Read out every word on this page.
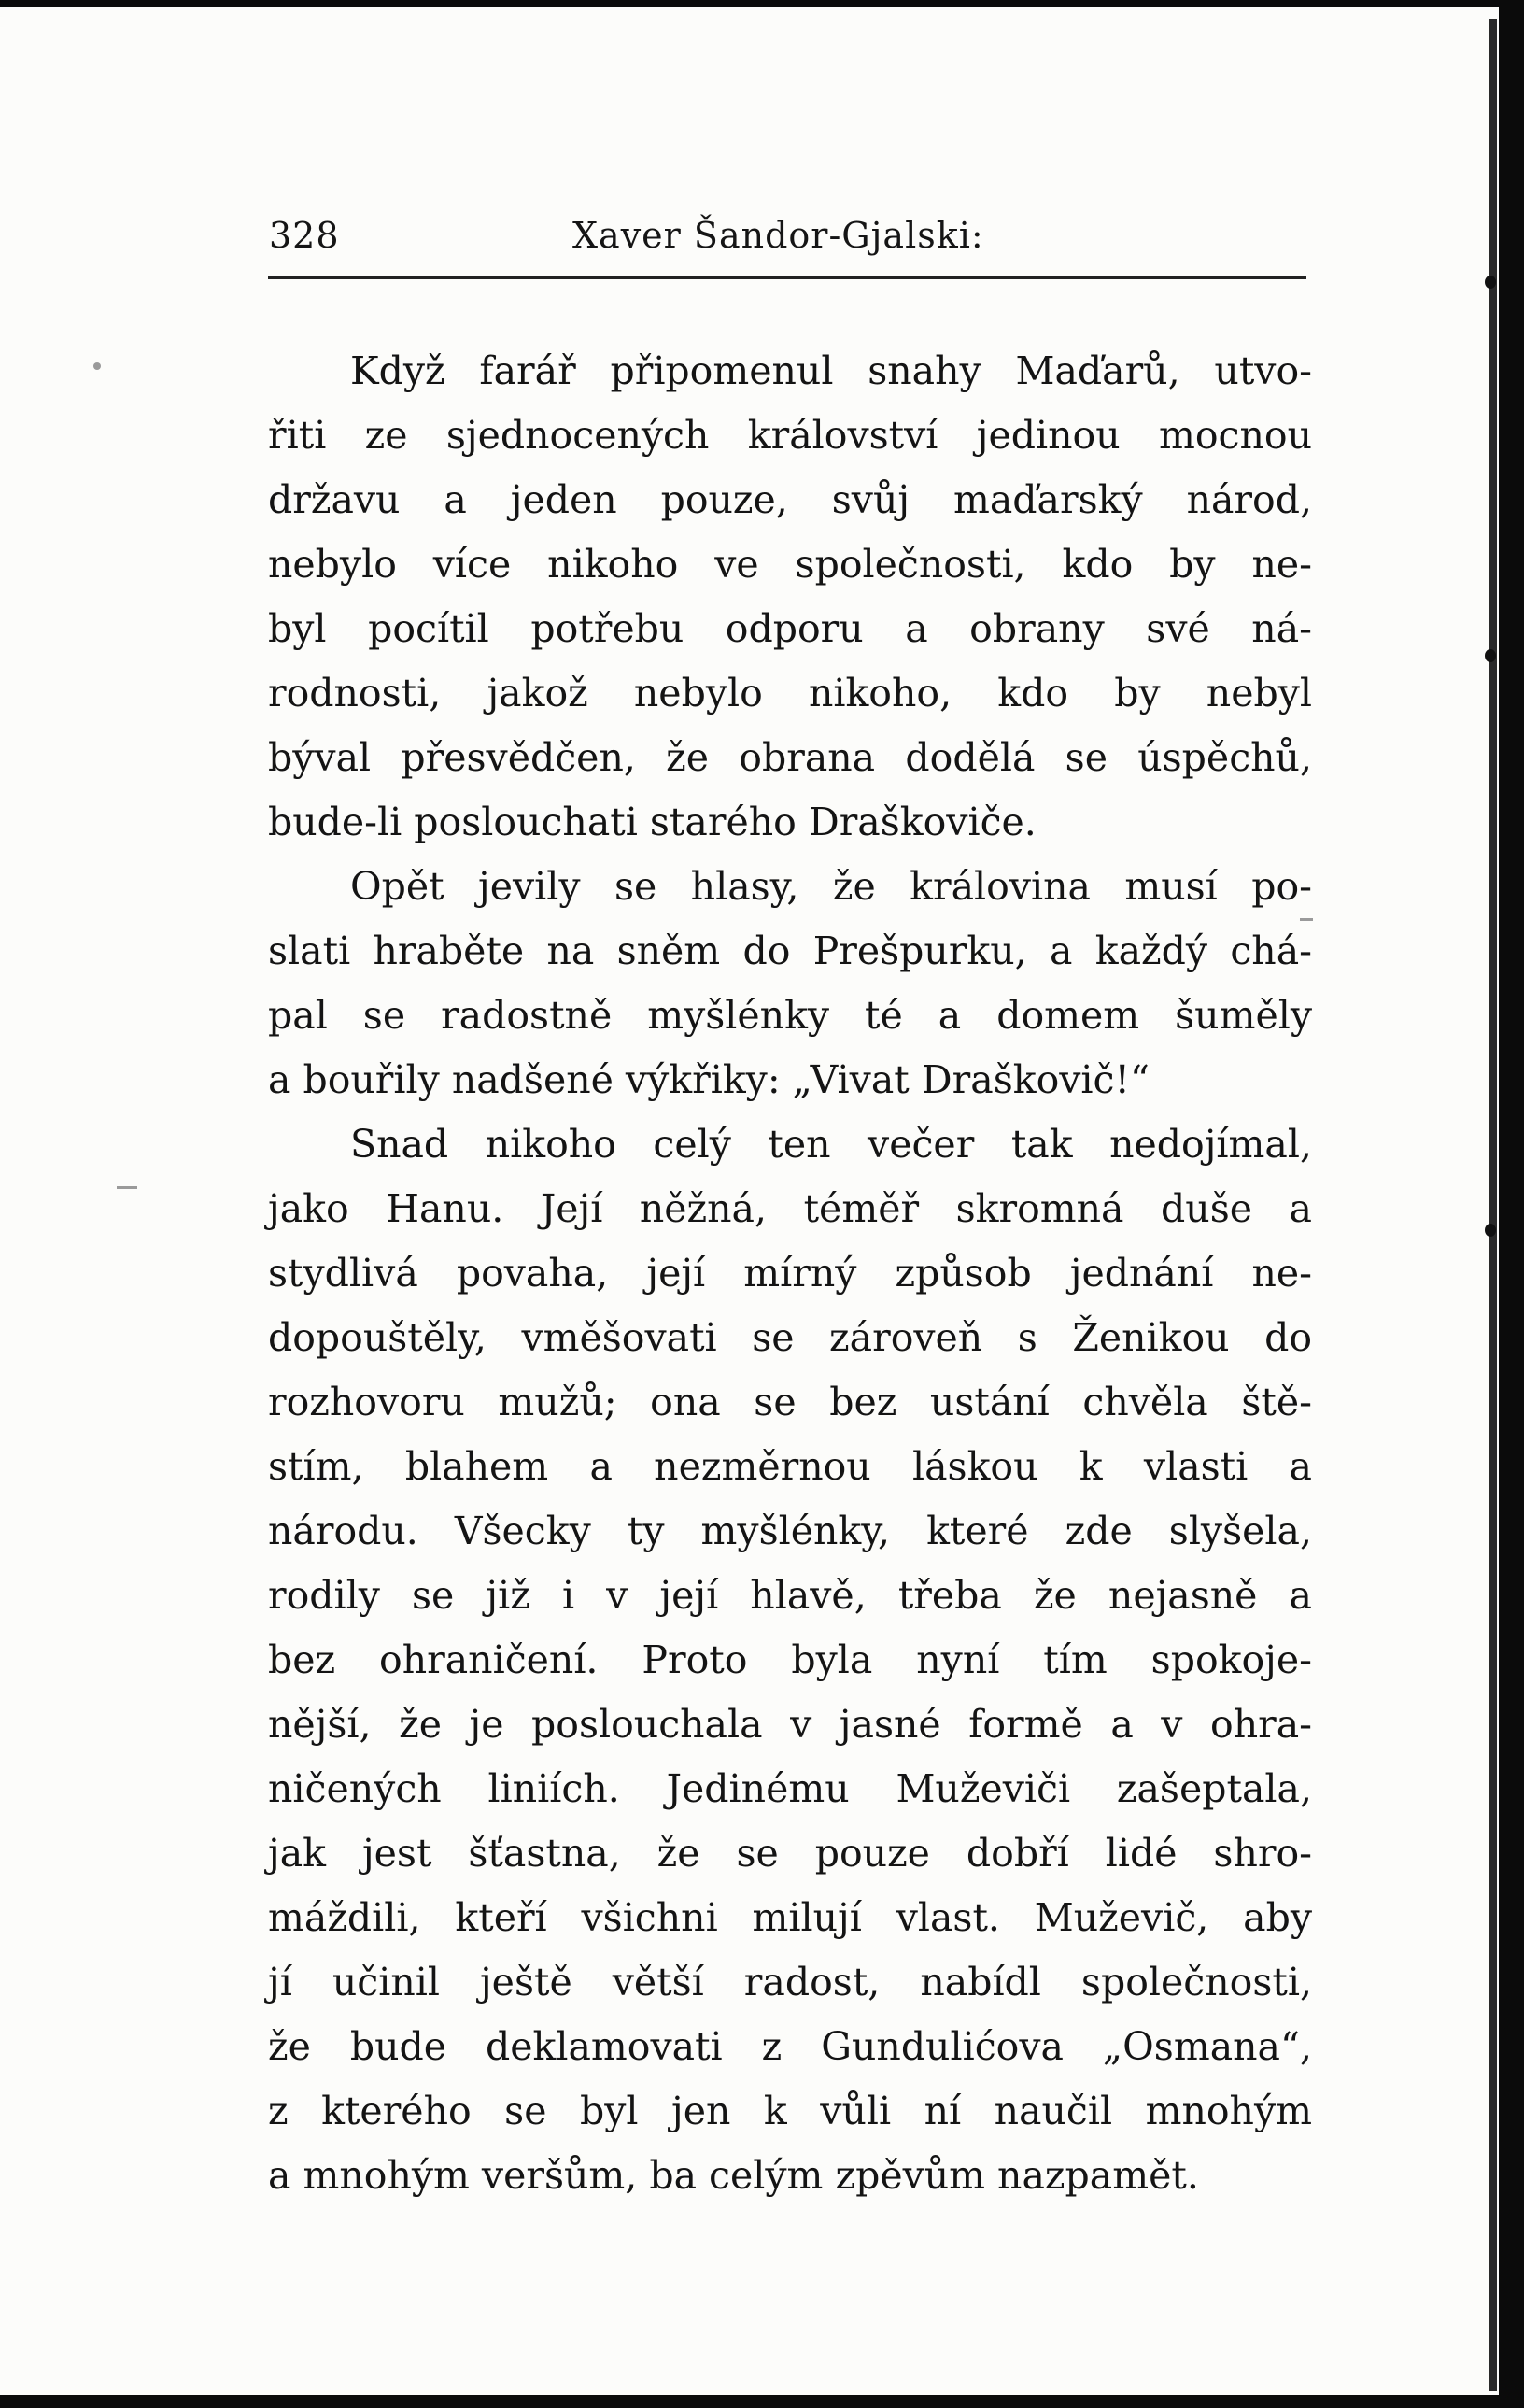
328	Xaver Šandor-Gjalski:
Když farář připomenul snahy Maďarů, utvo-
řiti ze sjednocených království jedinou mocnou
državu a jeden pouze, svůj maďarský národ,
nebylo více nikoho ve společnosti, kdo by ne-
byl pocítil potřebu odporu a obrany své ná-
rodnosti, jakož nebylo nikoho, kdo by nebyl
býval přesvědčen, že obrana dodělá se úspěchů,
bude-li poslouchati starého Draškoviče.
Opět jevily se hlasy, že královina musí po-
slati hraběte na sněm do Prešpurku, a každý chá-
pal se radostně myšlénky té a domem šuměly
a bouřily nadšené výkřiky: „Vivat Draškovič!“
Snad nikoho celý ten večer tak nedojímal,
jako Hanu. Její něžná, téměř skromná duše a
stydlivá povaha, její mírný způsob jednání ne-
dopouštěly, vměšovati se zároveň s Ženikou do
rozhovoru mužů; ona se bez ustání chvěla ště-
stím, blahem a nezměrnou láskou k vlasti a
národu. Všecky ty myšlénky, které zde slyšela,
rodily se již i v její hlavě, třeba že nejasně a
bez ohraničení. Proto byla nyní tím spokoje-
nější, že je poslouchala v jasné formě a v ohra-
ničených liniích. Jedinému Muževiči zašeptala,
jak jest šťastna, že se pouze dobří lidé shro-
máždili, kteří všichni milují vlast. Muževič, aby
jí učinil ještě větší radost, nabídl společnosti,
že bude deklamovati z Gundulićova „Osmana“,
z kterého se byl jen k vůli ní naučil mnohým
a mnohým veršům, ba celým zpěvům nazpamět.
